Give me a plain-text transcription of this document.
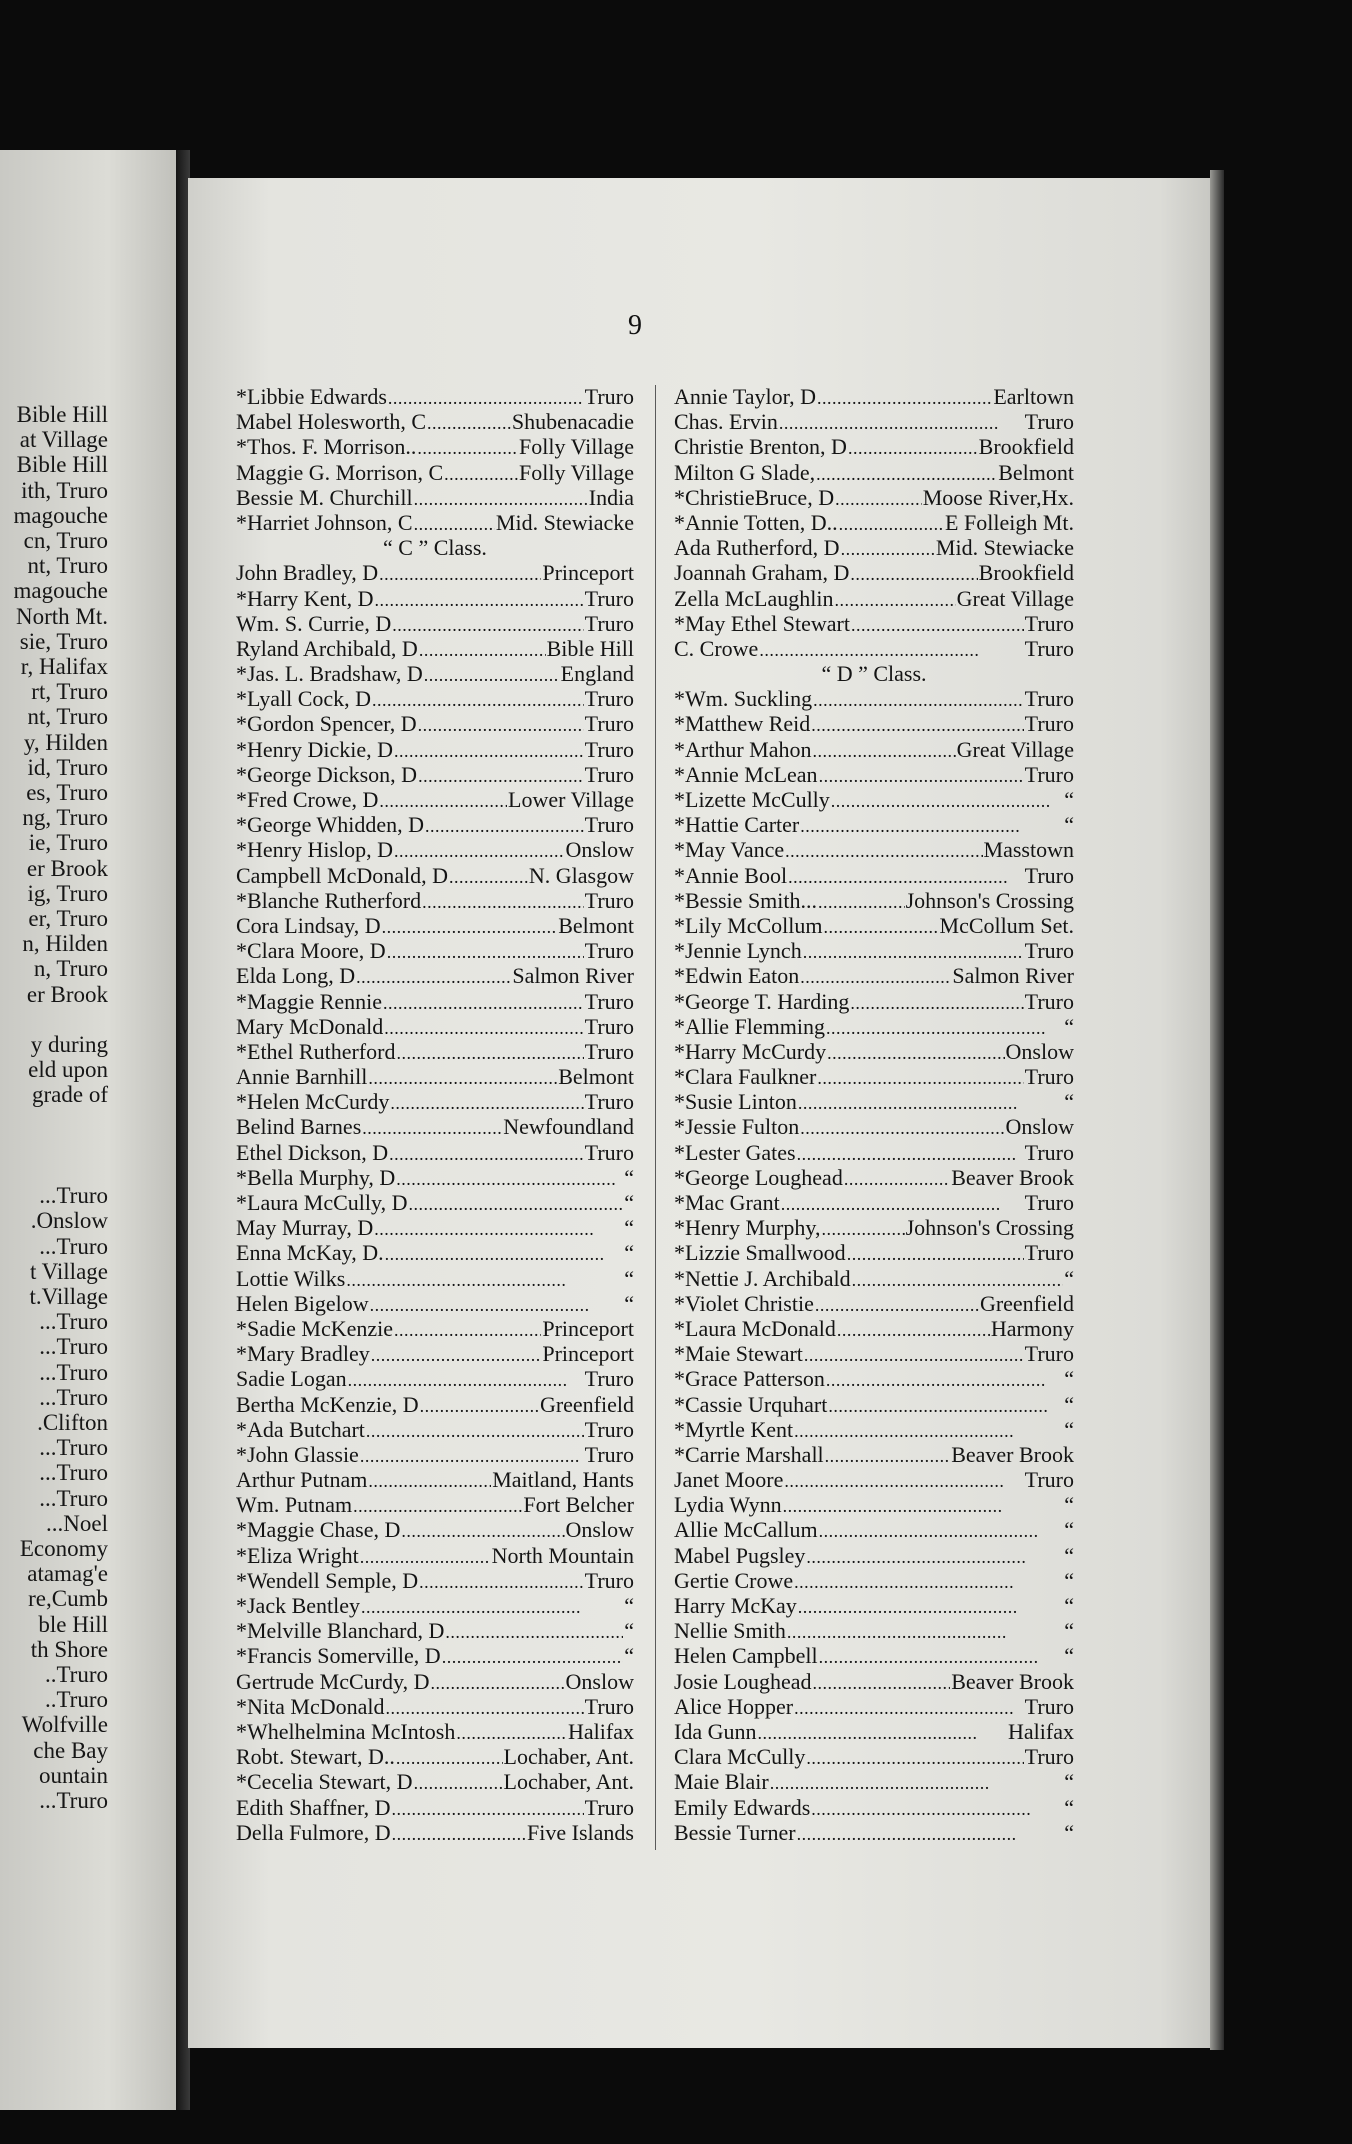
Bible Hill
at Village
Bible Hill
ith, Truro
magouche
cn, Truro
nt, Truro
magouche
North Mt.
sie, Truro
r, Halifax
rt, Truro
nt, Truro
y, Hilden
id, Truro
es, Truro
ng, Truro
ie, Truro
er Brook
ig, Truro
er, Truro
n, Hilden
n, Truro
er Brook
y during
eld upon
grade of
...Truro
.Onslow
...Truro
t Village
t.Village
...Truro
...Truro
...Truro
...Truro
.Clifton
...Truro
...Truro
...Truro
...Noel
Economy
atamag'e
re,Cumb
ble Hill
th Shore
..Truro
..Truro
Wolfville
che Bay
ountain
...Truro
9
*Libbie Edwards . . .	Truro
Mabel Holesworth, C . . .	Shubenacadie
*Thos. F. Morrison.. . . .	Folly Village
Maggie G. Morrison, C . . .	Folly Village
Bessie M. Churchill . . .	India
*Harriet Johnson, C . . .	Mid. Stewiacke
“ C ” Class.
John Bradley, D . . .	Princeport
*Harry Kent, D . . .	Truro
Wm. S. Currie, D . . .	Truro
Ryland Archibald, D . . .	Bible Hill
*Jas. L. Bradshaw, D . . .	England
*Lyall Cock, D . . .	Truro
*Gordon Spencer, D . . .	Truro
*Henry Dickie, D . . .	Truro
*George Dickson, D . . .	Truro
*Fred Crowe, D . . .	Lower Village
*George Whidden, D . . .	Truro
*Henry Hislop, D . . .	Onslow
Campbell McDonald, D . . .	N. Glasgow
*Blanche Rutherford . . .	Truro
Cora Lindsay, D . . .	Belmont
*Clara Moore, D . . .	Truro
Elda Long, D . . .	Salmon River
*Maggie Rennie . . .	Truro
Mary McDonald . . .	Truro
*Ethel Rutherford . . .	Truro
Annie Barnhill . . .	Belmont
*Helen McCurdy . . .	Truro
Belind Barnes . . .	Newfoundland
Ethel Dickson, D . . .	Truro
*Bella Murphy, D . . .	“
*Laura McCully, D . . .	“
May Murray, D . . .	“
Enna McKay, D. . . .	“
Lottie Wilks . . .	“
Helen Bigelow . . .	“
*Sadie McKenzie . . .	Princeport
*Mary Bradley . . .	Princeport
Sadie Logan . . .	Truro
Bertha McKenzie, D . . .	Greenfield
*Ada Butchart . . .	Truro
*John Glassie . . .	Truro
Arthur Putnam . . .	Maitland, Hants
Wm. Putnam . . .	Fort Belcher
*Maggie Chase, D . . .	Onslow
*Eliza Wright . . .	North Mountain
*Wendell Semple, D . . .	Truro
*Jack Bentley . . .	“
*Melville Blanchard, D . . .	“
*Francis Somerville, D . . .	“
Gertrude McCurdy, D . . .	Onslow
*Nita McDonald . . .	Truro
*Whelhelmina McIntosh . . .	Halifax
Robt. Stewart, D.. . . .	Lochaber, Ant.
*Cecelia Stewart, D . . .	Lochaber, Ant.
Edith Shaffner, D . . .	Truro
Della Fulmore, D . . .	Five Islands
Annie Taylor, D . . .	Earltown
Chas. Ervin . . .	Truro
Christie Brenton, D . . .	Brookfield
Milton G Slade, . . .	Belmont
*ChristieBruce, D . . .	Moose River,Hx.
*Annie Totten, D.. . . .	E Folleigh Mt.
Ada Rutherford, D . . .	Mid. Stewiacke
Joannah Graham, D . . .	Brookfield
Zella McLaughlin . . .	Great Village
*May Ethel Stewart . . .	Truro
C. Crowe . . .	Truro
“ D ” Class.
*Wm. Suckling . . .	Truro
*Matthew Reid . . .	Truro
*Arthur Mahon . . .	Great Village
*Annie McLean . . .	Truro
*Lizette McCully . . .	“
*Hattie Carter . . .	“
*May Vance . . .	Masstown
*Annie Bool . . .	Truro
*Bessie Smith... . . .	Johnson's Crossing
*Lily McCollum . . .	McCollum Set.
*Jennie Lynch . . .	Truro
*Edwin Eaton . . .	Salmon River
*George T. Harding . . .	Truro
*Allie Flemming . . .	“
*Harry McCurdy . . .	Onslow
*Clara Faulkner . . .	Truro
*Susie Linton . . .	“
*Jessie Fulton . . .	Onslow
*Lester Gates . . .	Truro
*George Loughead . . .	Beaver Brook
*Mac Grant . . .	Truro
*Henry Murphy, . . .	Johnson's Crossing
*Lizzie Smallwood . . .	Truro
*Nettie J. Archibald . . .	“
*Violet Christie . . .	Greenfield
*Laura McDonald . . .	Harmony
*Maie Stewart . . .	Truro
*Grace Patterson . . .	“
*Cassie Urquhart . . .	“
*Myrtle Kent . . .	“
*Carrie Marshall . . .	Beaver Brook
Janet Moore . . .	Truro
Lydia Wynn . . .	“
Allie McCallum . . .	“
Mabel Pugsley . . .	“
Gertie Crowe . . .	“
Harry McKay . . .	“
Nellie Smith . . .	“
Helen Campbell . . .	“
Josie Loughead . . .	Beaver Brook
Alice Hopper . . .	Truro
Ida Gunn . . .	Halifax
Clara McCully . . .	Truro
Maie Blair . . .	“
Emily Edwards . . .	“
Bessie Turner . . .	“
